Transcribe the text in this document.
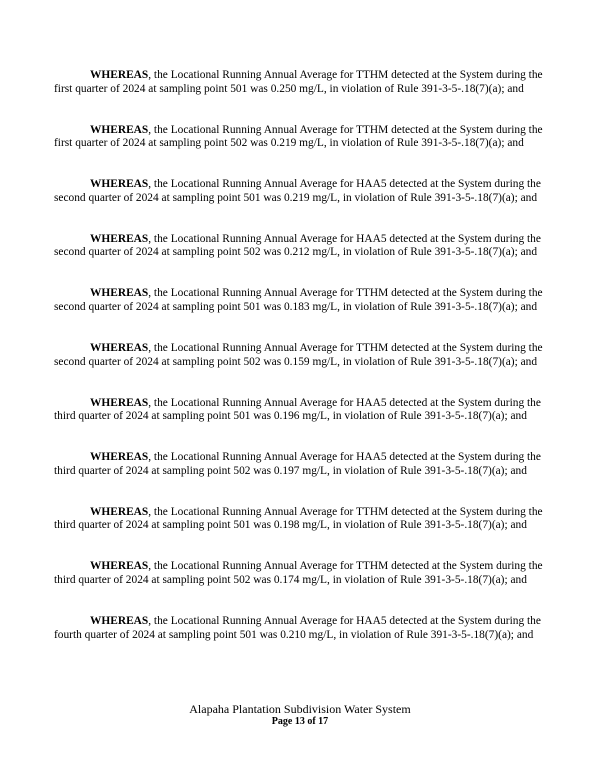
WHEREAS, the Locational Running Annual Average for TTHM detected at the System during the first quarter of 2024 at sampling point 501 was 0.250 mg/L, in violation of Rule 391-3-5-.18(7)(a); and

WHEREAS, the Locational Running Annual Average for TTHM detected at the System during the first quarter of 2024 at sampling point 502 was 0.219 mg/L, in violation of Rule 391-3-5-.18(7)(a); and

WHEREAS, the Locational Running Annual Average for HAA5 detected at the System during the second quarter of 2024 at sampling point 501 was 0.219 mg/L, in violation of Rule 391-3-5-.18(7)(a); and

WHEREAS, the Locational Running Annual Average for HAA5 detected at the System during the second quarter of 2024 at sampling point 502 was 0.212 mg/L, in violation of Rule 391-3-5-.18(7)(a); and

WHEREAS, the Locational Running Annual Average for TTHM detected at the System during the second quarter of 2024 at sampling point 501 was 0.183 mg/L, in violation of Rule 391-3-5-.18(7)(a); and

WHEREAS, the Locational Running Annual Average for TTHM detected at the System during the second quarter of 2024 at sampling point 502 was 0.159 mg/L, in violation of Rule 391-3-5-.18(7)(a); and

WHEREAS, the Locational Running Annual Average for HAA5 detected at the System during the third quarter of 2024 at sampling point 501 was 0.196 mg/L, in violation of Rule 391-3-5-.18(7)(a); and

WHEREAS, the Locational Running Annual Average for HAA5 detected at the System during the third quarter of 2024 at sampling point 502 was 0.197 mg/L, in violation of Rule 391-3-5-.18(7)(a); and

WHEREAS, the Locational Running Annual Average for TTHM detected at the System during the third quarter of 2024 at sampling point 501 was 0.198 mg/L, in violation of Rule 391-3-5-.18(7)(a); and

WHEREAS, the Locational Running Annual Average for TTHM detected at the System during the third quarter of 2024 at sampling point 502 was 0.174 mg/L, in violation of Rule 391-3-5-.18(7)(a); and

WHEREAS, the Locational Running Annual Average for HAA5 detected at the System during the fourth quarter of 2024 at sampling point 501 was 0.210 mg/L, in violation of Rule 391-3-5-.18(7)(a); and

Alapaha Plantation Subdivision Water System
Page 13 of 17
